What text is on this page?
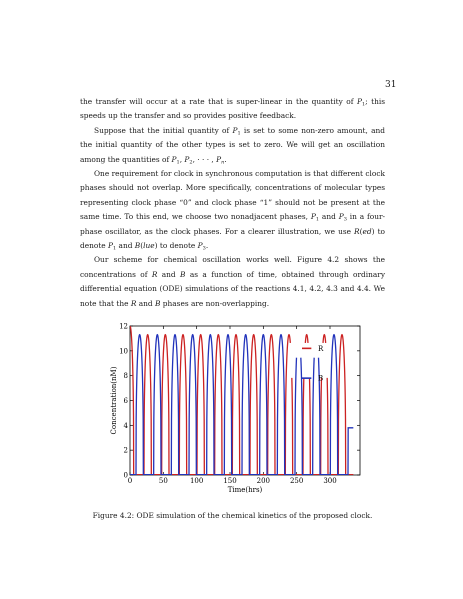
31

the transfer will occur at a rate that is super-linear in the quantity of $P_1$; this speeds up the transfer and so provides positive feedback.

Suppose that the initial quantity of $P_1$ is set to some non-zero amount, and the initial quantity of the other types is set to zero. We will get an oscillation among the quantities of $P_1$, $P_2$, · · · , $P_n$.

One requirement for clock in synchronous computation is that different clock phases should not overlap. More specifically, concentrations of molecular types representing clock phase “0” and clock phase “1” should not be present at the same time. To this end, we choose two nonadjacent phases, $P_1$ and $P_3$ in a four-phase oscillator, as the clock phases. For a clearer illustration, we use R(ed) to denote $P_1$ and B(lue) to denote $P_3$.

Our scheme for chemical oscillation works well. Figure 4.2 shows the concentrations of R and B as a function of time, obtained through ordinary differential equation (ODE) simulations of the reactions 4.1, 4.2, 4.3 and 4.4. We note that the R and B phases are non-overlapping.

0	50	100	150	200	250	300
0
2
4
6
8
10
12
Time(hrs)
Concentration(nM)
R
B
Figure 4.2: ODE simulation of the chemical kinetics of the proposed clock.
